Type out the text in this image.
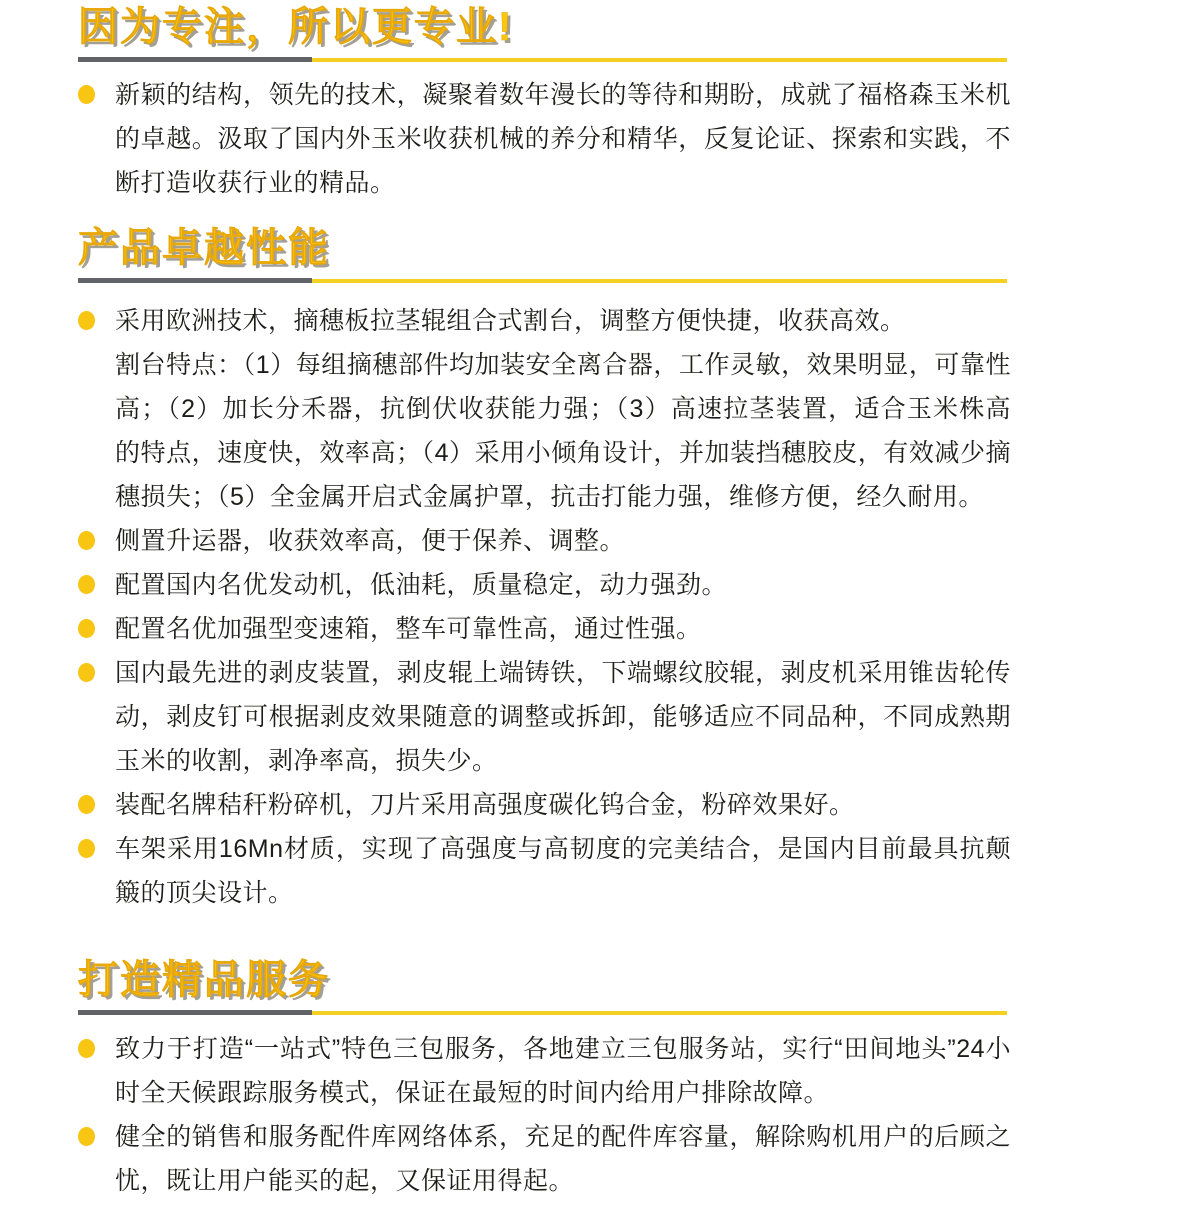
因为专注，所以更专业!

新颖的结构，领先的技术，凝聚着数年漫长的等待和期盼，成就了福格森玉米机的卓越。汲取了国内外玉米收获机械的养分和精华，反复论证、探索和实践，不断打造收获行业的精品。

产品卓越性能

采用欧洲技术，摘穗板拉茎辊组合式割台，调整方便快捷，收获高效。

割台特点：（1）每组摘穗部件均加装安全离合器，工作灵敏，效果明显，可靠性高；（2）加长分禾器，抗倒伏收获能力强；（3）高速拉茎装置，适合玉米株高的特点，速度快，效率高；（4）采用小倾角设计，并加装挡穗胶皮，有效减少摘穗损失；（5）全金属开启式金属护罩，抗击打能力强，维修方便，经久耐用。

侧置升运器，收获效率高，便于保养、调整。

配置国内名优发动机，低油耗，质量稳定，动力强劲。

配置名优加强型变速箱，整车可靠性高，通过性强。

国内最先进的剥皮装置，剥皮辊上端铸铁，下端螺纹胶辊，剥皮机采用锥齿轮传动，剥皮钉可根据剥皮效果随意的调整或拆卸，能够适应不同品种，不同成熟期玉米的收割，剥净率高，损失少。

装配名牌秸秆粉碎机，刀片采用高强度碳化钨合金，粉碎效果好。

车架采用16Mn材质，实现了高强度与高韧度的完美结合，是国内目前最具抗颠簸的顶尖设计。

打造精品服务

致力于打造“一站式”特色三包服务，各地建立三包服务站，实行“田间地头”24小时全天候跟踪服务模式，保证在最短的时间内给用户排除故障。

健全的销售和服务配件库网络体系，充足的配件库容量，解除购机用户的后顾之忧，既让用户能买的起，又保证用得起。
